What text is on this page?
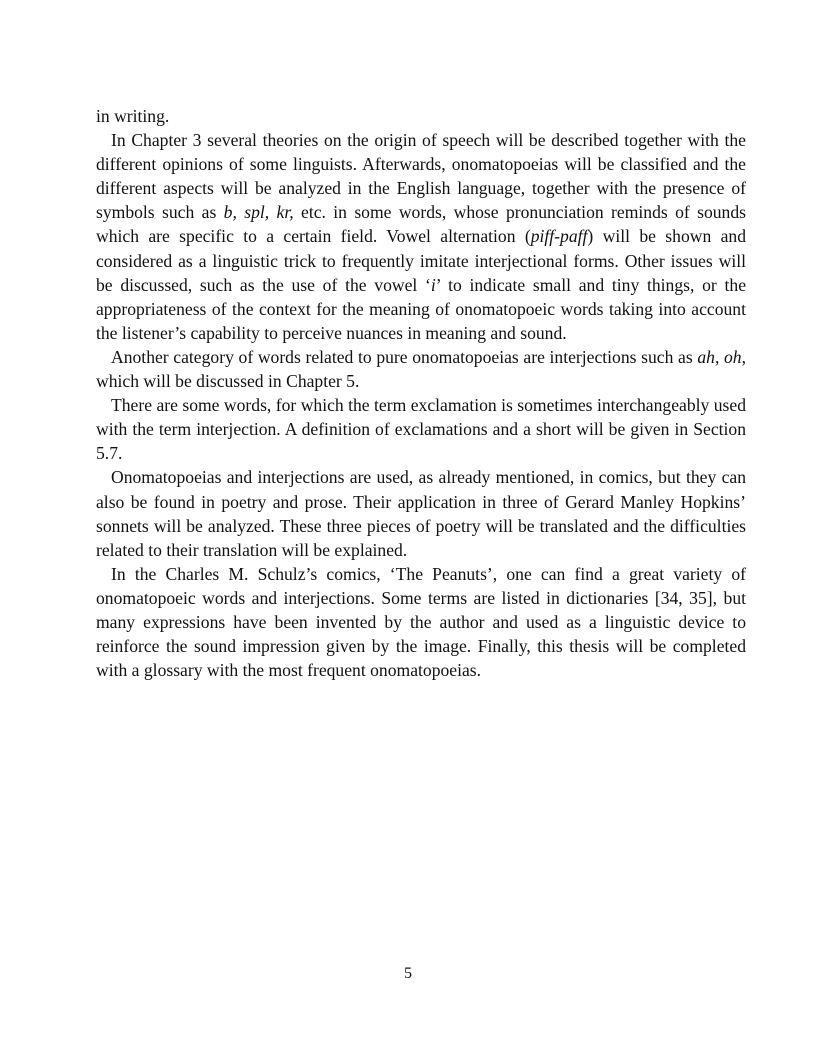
in writing.

In Chapter 3 several theories on the origin of speech will be described together with the different opinions of some linguists. Afterwards, onomatopoeias will be classified and the different aspects will be analyzed in the English language, together with the presence of symbols such as b, spl, kr, etc. in some words, whose pronunciation reminds of sounds which are specific to a certain field. Vowel alternation (piff-paff) will be shown and considered as a linguistic trick to frequently imitate interjectional forms. Other issues will be discussed, such as the use of the vowel ‘i’ to indicate small and tiny things, or the appropriateness of the context for the meaning of onomatopoeic words taking into account the listener’s capability to perceive nuances in meaning and sound.

Another category of words related to pure onomatopoeias are interjections such as ah, oh, which will be discussed in Chapter 5.

There are some words, for which the term exclamation is sometimes interchangeably used with the term interjection. A definition of exclamations and a short will be given in Section 5.7.

Onomatopoeias and interjections are used, as already mentioned, in comics, but they can also be found in poetry and prose. Their application in three of Gerard Manley Hopkins’ sonnets will be analyzed. These three pieces of poetry will be translated and the difficulties related to their translation will be explained.

In the Charles M. Schulz’s comics, ‘The Peanuts’, one can find a great variety of onomatopoeic words and interjections. Some terms are listed in dictionaries [34, 35], but many expressions have been invented by the author and used as a linguistic device to reinforce the sound impression given by the image. Finally, this thesis will be completed with a glossary with the most frequent onomatopoeias.

5
